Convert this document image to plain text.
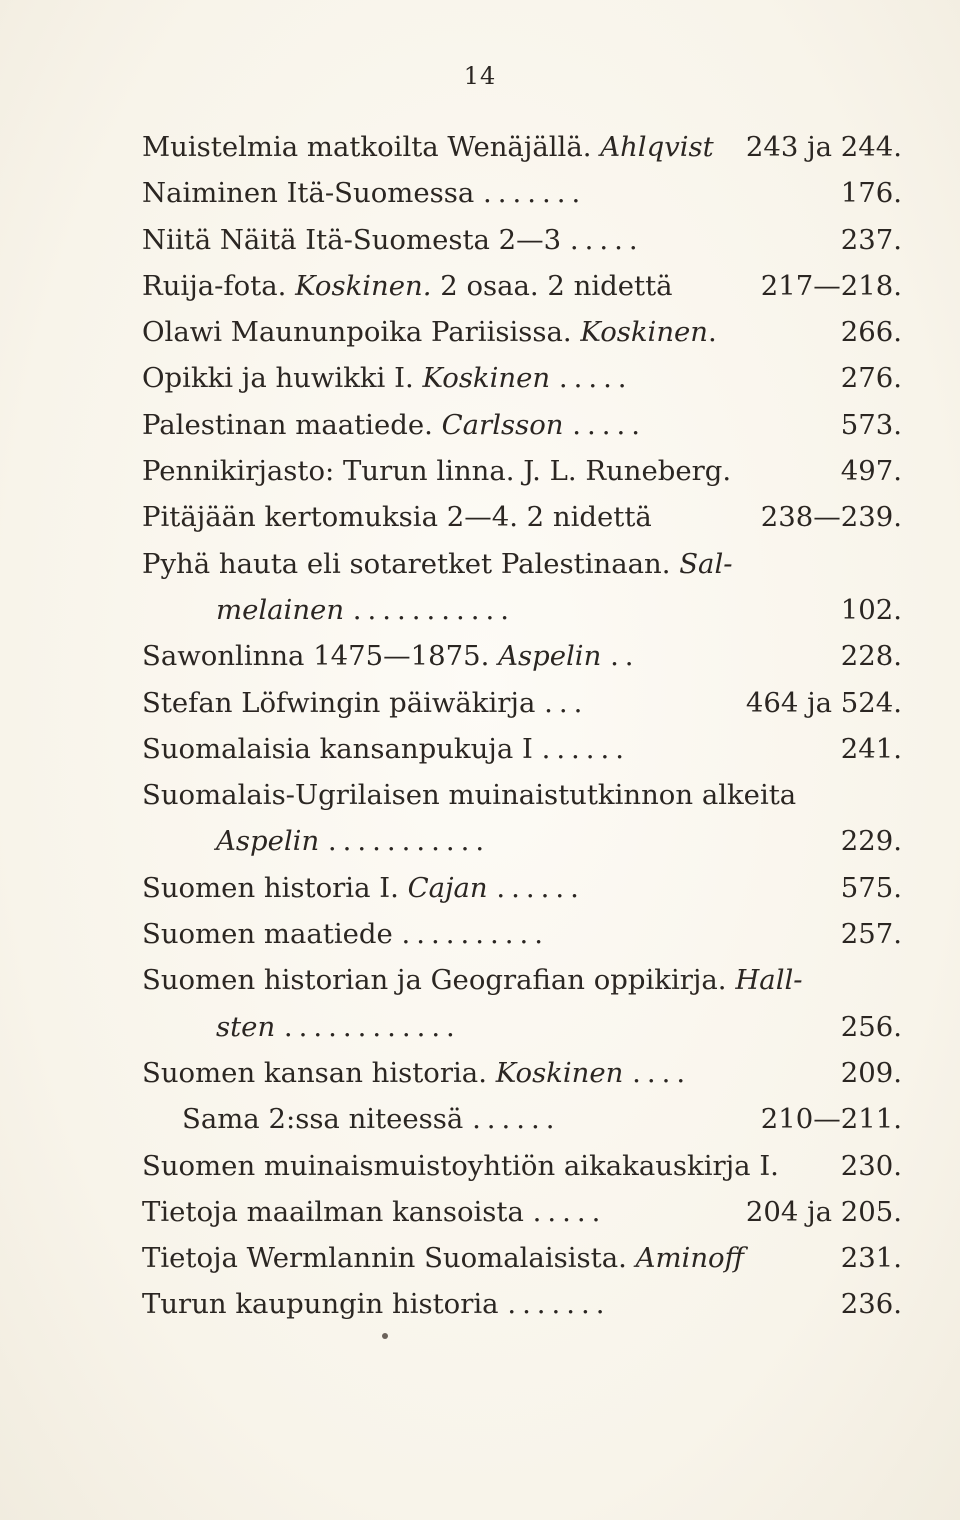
14
Muistelmia matkoilta Wenäjällä. Ahlqvist 243 ja 244.
Naiminen Itä-Suomessa .......	176.
Niitä Näitä Itä-Suomesta 2—3 .....	237.
Ruija-fota. Koskinen. 2 osaa. 2 nidettä	217—218.
Olawi Maununpoika Pariisissa. Koskinen.	266.
Opikki ja huwikki I. Koskinen .....	276.
Palestinan maatiede. Carlsson .....	573.
Pennikirjasto: Turun linna. J. L. Runeberg.	497.
Pitäjään kertomuksia 2—4. 2 nidettä	238—239.
Pyhä hauta eli sotaretket Palestinaan. Sal-
melainen ...........	102.
Sawonlinna 1475—1875. Aspelin ..	228.
Stefan Löfwingin päiwäkirja ...	464 ja 524.
Suomalaisia kansanpukuja I ......	241.
Suomalais-Ugrilaisen muinaistutkinnon alkeita
Aspelin ...........	229.
Suomen historia I. Cajan ......	575.
Suomen maatiede ..........	257.
Suomen historian ja Geografian oppikirja. Hall-
sten ............	256.
Suomen kansan historia. Koskinen ....	209.
Sama 2:ssa niteessä ......	210—211.
Suomen muinaismuistoyhtiön aikakauskirja I. 230.
Tietoja maailman kansoista .....	204 ja 205.
Tietoja Wermlannin Suomalaisista. Aminoff	231.
Turun kaupungin historia .......	236.
